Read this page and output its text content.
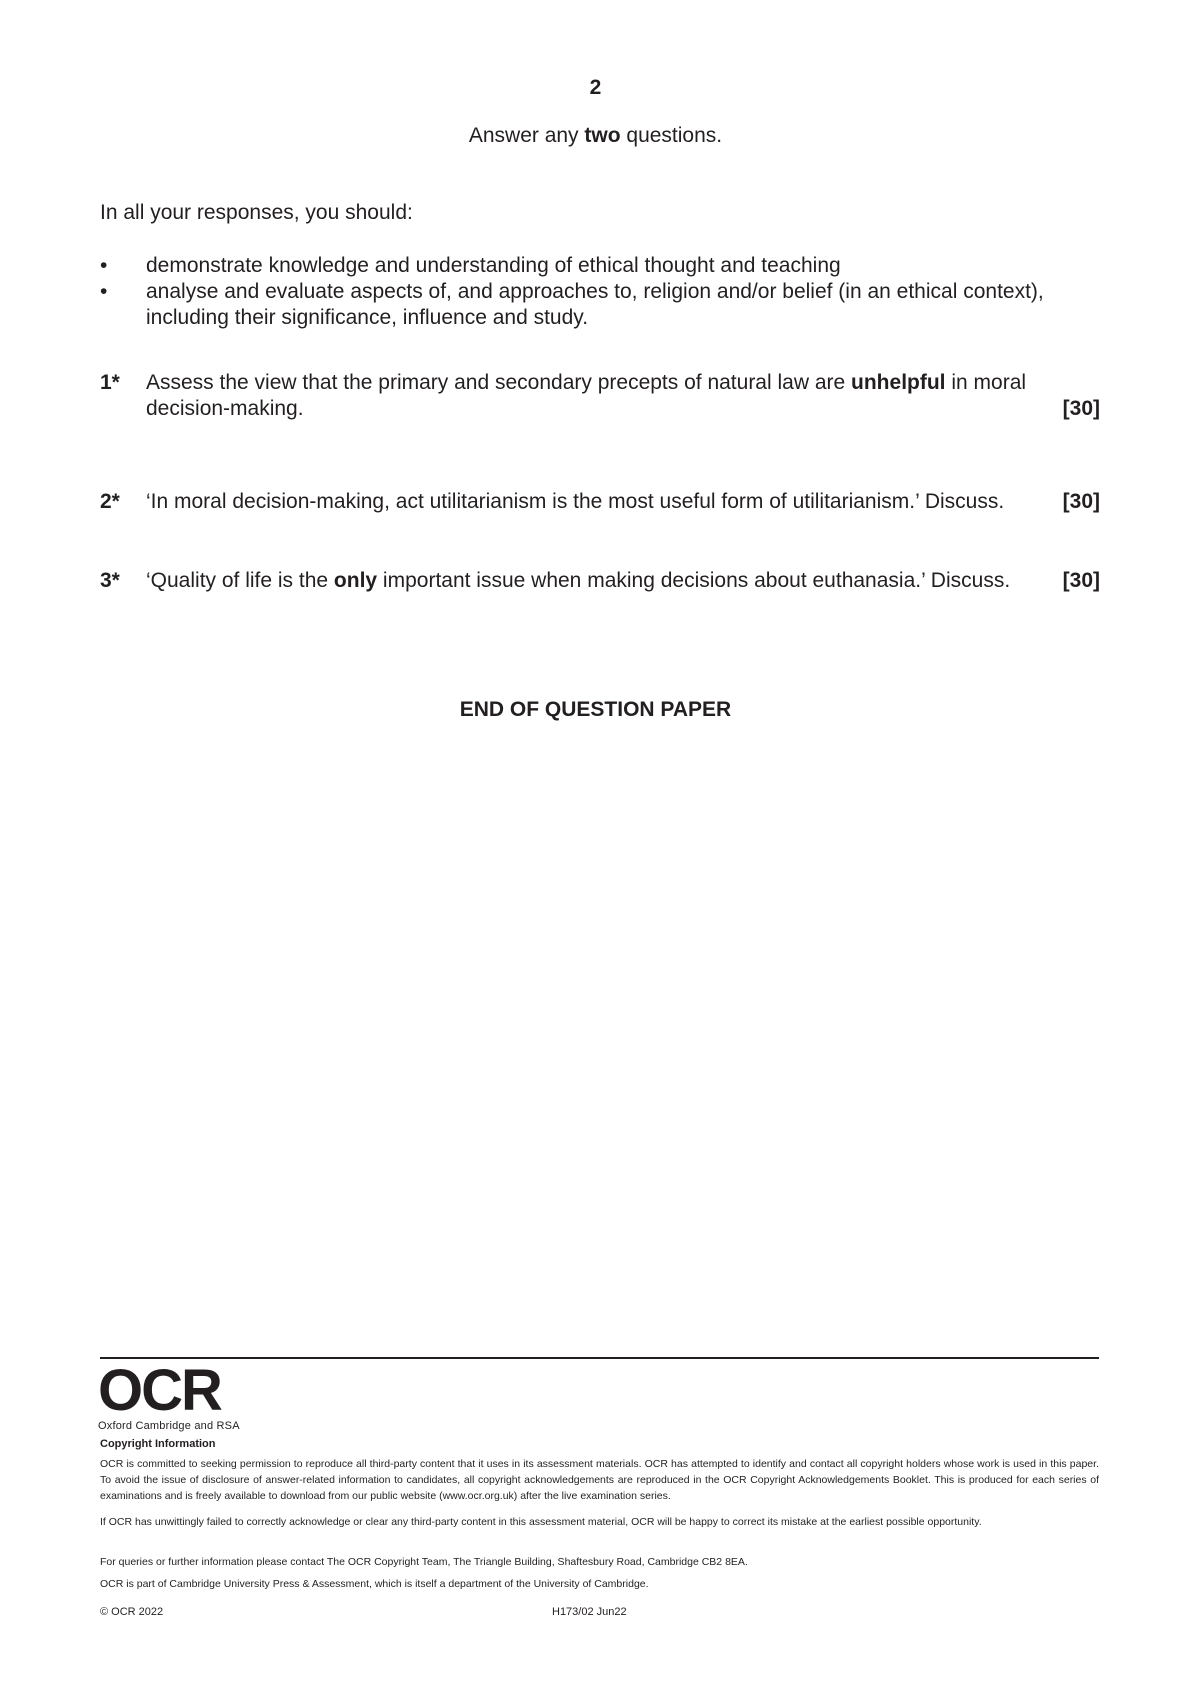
2
Answer any two questions.
In all your responses, you should:
• demonstrate knowledge and understanding of ethical thought and teaching
• analyse and evaluate aspects of, and approaches to, religion and/or belief (in an ethical context), including their significance, influence and study.
1* Assess the view that the primary and secondary precepts of natural law are unhelpful in moral decision-making.	[30]
2* ‘In moral decision-making, act utilitarianism is the most useful form of utilitarianism.’ Discuss.	[30]
3* ‘Quality of life is the only important issue when making decisions about euthanasia.’ Discuss. [30]
END OF QUESTION PAPER
OCR
Oxford Cambridge and RSA
Copyright Information
OCR is committed to seeking permission to reproduce all third-party content that it uses in its assessment materials. OCR has attempted to identify and contact all copyright holders whose work is used in this paper. To avoid the issue of disclosure of answer-related information to candidates, all copyright acknowledgements are reproduced in the OCR Copyright Acknowledgements Booklet. This is produced for each series of examinations and is freely available to download from our public website (www.ocr.org.uk) after the live examination series.
If OCR has unwittingly failed to correctly acknowledge or clear any third-party content in this assessment material, OCR will be happy to correct its mistake at the earliest possible opportunity.
For queries or further information please contact The OCR Copyright Team, The Triangle Building, Shaftesbury Road, Cambridge CB2 8EA.
OCR is part of Cambridge University Press & Assessment, which is itself a department of the University of Cambridge.
© OCR 2022	H173/02 Jun22
